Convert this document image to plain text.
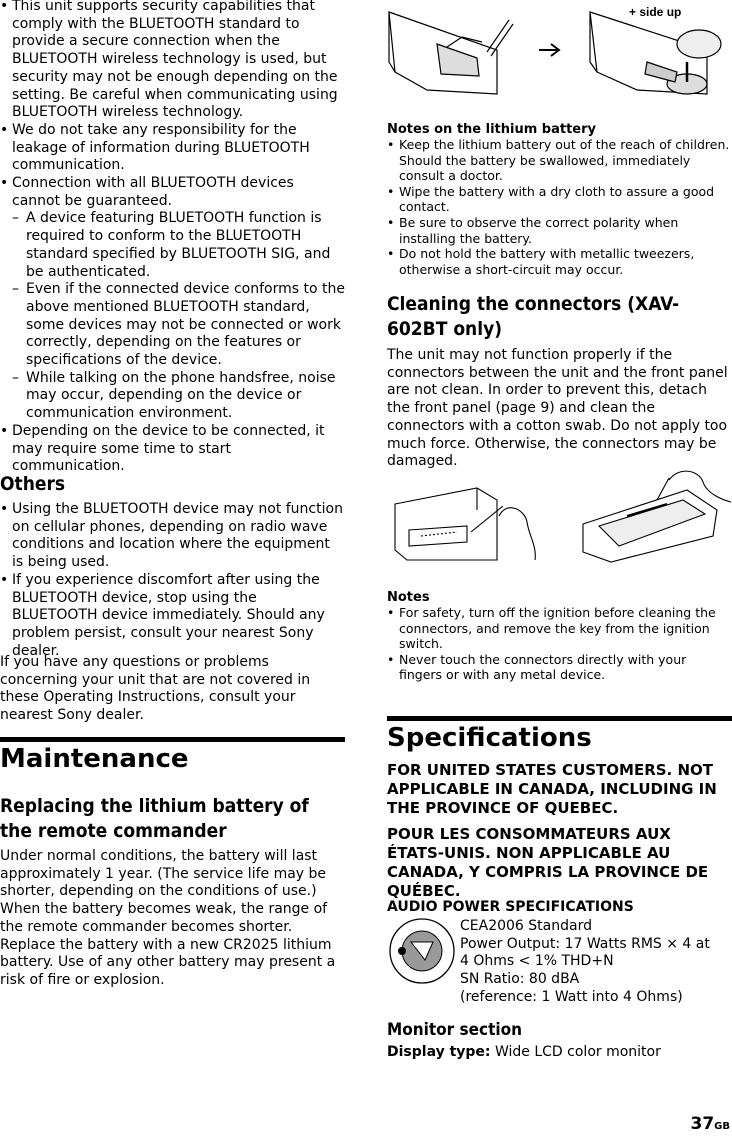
• This unit supports security capabilities that comply with the BLUETOOTH standard to provide a secure connection when the BLUETOOTH wireless technology is used, but security may not be enough depending on the setting. Be careful when communicating using BLUETOOTH wireless technology.

• We do not take any responsibility for the leakage of information during BLUETOOTH communication.

• Connection with all BLUETOOTH devices cannot be guaranteed.

– A device featuring BLUETOOTH function is required to conform to the BLUETOOTH standard specified by BLUETOOTH SIG, and be authenticated.

– Even if the connected device conforms to the above mentioned BLUETOOTH standard, some devices may not be connected or work correctly, depending on the features or specifications of the device.

– While talking on the phone handsfree, noise may occur, depending on the device or communication environment.

• Depending on the device to be connected, it may require some time to start communication.

Others

• Using the BLUETOOTH device may not function on cellular phones, depending on radio wave conditions and location where the equipment is being used.

• If you experience discomfort after using the BLUETOOTH device, stop using the BLUETOOTH device immediately. Should any problem persist, consult your nearest Sony dealer.

If you have any questions or problems concerning your unit that are not covered in these Operating Instructions, consult your nearest Sony dealer.

Maintenance
Replacing the lithium battery of the remote commander

Under normal conditions, the battery will last approximately 1 year. (The service life may be shorter, depending on the conditions of use.) When the battery becomes weak, the range of the remote commander becomes shorter. Replace the battery with a new CR2025 lithium battery. Use of any other battery may present a risk of fire or explosion.

+ side up

Notes on the lithium battery

• Keep the lithium battery out of the reach of children. Should the battery be swallowed, immediately consult a doctor.

• Wipe the battery with a dry cloth to assure a good contact.

• Be sure to observe the correct polarity when installing the battery.

• Do not hold the battery with metallic tweezers, otherwise a short-circuit may occur.

Cleaning the connectors (XAV-602BT only)

The unit may not function properly if the connectors between the unit and the front panel are not clean. In order to prevent this, detach the front panel (page 9) and clean the connectors with a cotton swab. Do not apply too much force. Otherwise, the connectors may be damaged.

Notes

• For safety, turn off the ignition before cleaning the connectors, and remove the key from the ignition switch.

• Never touch the connectors directly with your fingers or with any metal device.

Specifications

FOR UNITED STATES CUSTOMERS. NOT APPLICABLE IN CANADA, INCLUDING IN THE PROVINCE OF QUEBEC.

POUR LES CONSOMMATEURS AUX ÉTATS-UNIS. NON APPLICABLE AU CANADA, Y COMPRIS LA PROVINCE DE QUÉBEC.

AUDIO POWER SPECIFICATIONS

CEA2006 Standard

Power Output: 17 Watts RMS × 4 at

4 Ohms < 1% THD+N

SN Ratio: 80 dBA

(reference: 1 Watt into 4 Ohms)

Monitor section

Display type: Wide LCD color monitor

37GB
